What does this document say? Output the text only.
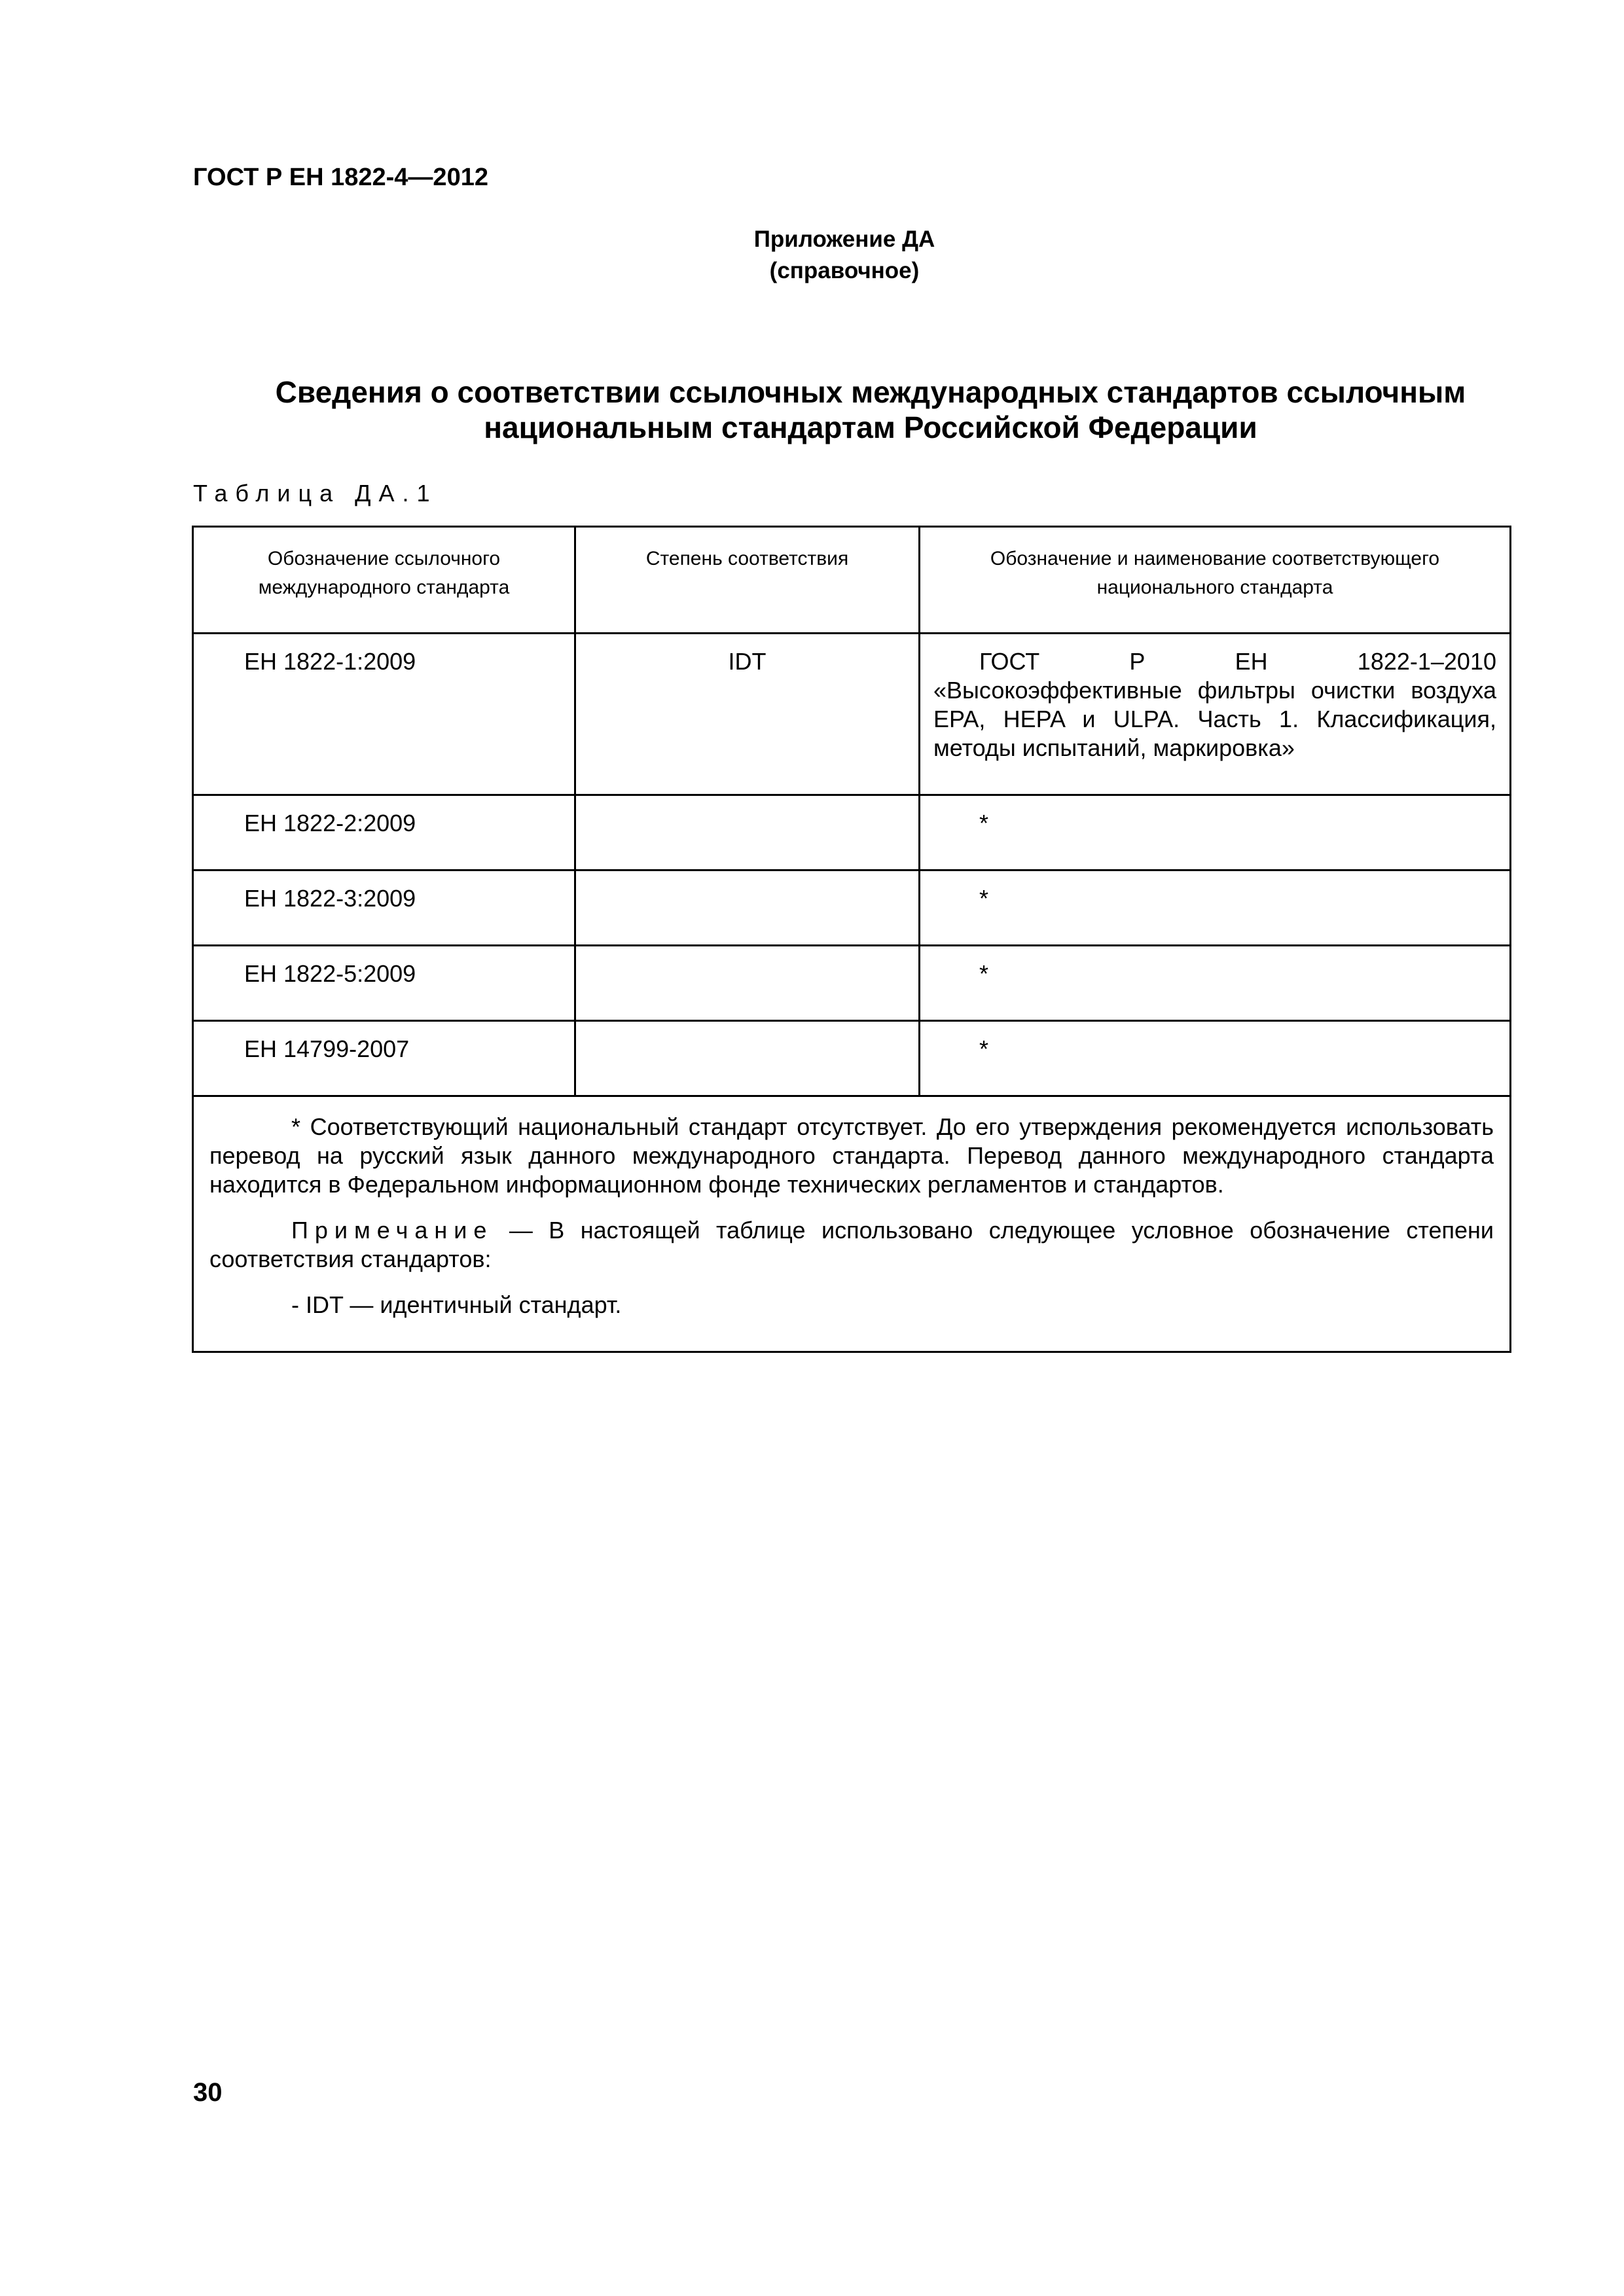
ГОСТ Р ЕН 1822-4—2012
Приложение ДА
(справочное)
Сведения о соответствии ссылочных международных стандартов ссылочным
национальным стандартам Российской Федерации
Таблица ДА.1
Обозначение ссылочного международного стандарта	Степень соответствия	Обозначение и наименование соответствующего национального стандарта
ЕН 1822-1:2009	IDT	ГОСТ Р ЕН 1822-1–2010 «Высокоэффективные фильтры очистки воздуха EPA, HEPA и ULPA. Часть 1. Классификация, методы испытаний, маркировка»

ЕН 1822-2:2009		*

ЕН 1822-3:2009		*

ЕН 1822-5:2009		*

ЕН 14799-2007		*

* Соответствующий национальный стандарт отсутствует. До его утверждения рекомендуется использовать перевод на русский язык данного международного стандарта. Перевод данного международного стандарта находится в Федеральном информационном фонде технических регламентов и стандартов.

Примечание — В настоящей таблице использовано следующее условное обозначение степени соответствия стандартов:

- IDT — идентичный стандарт.		

30
